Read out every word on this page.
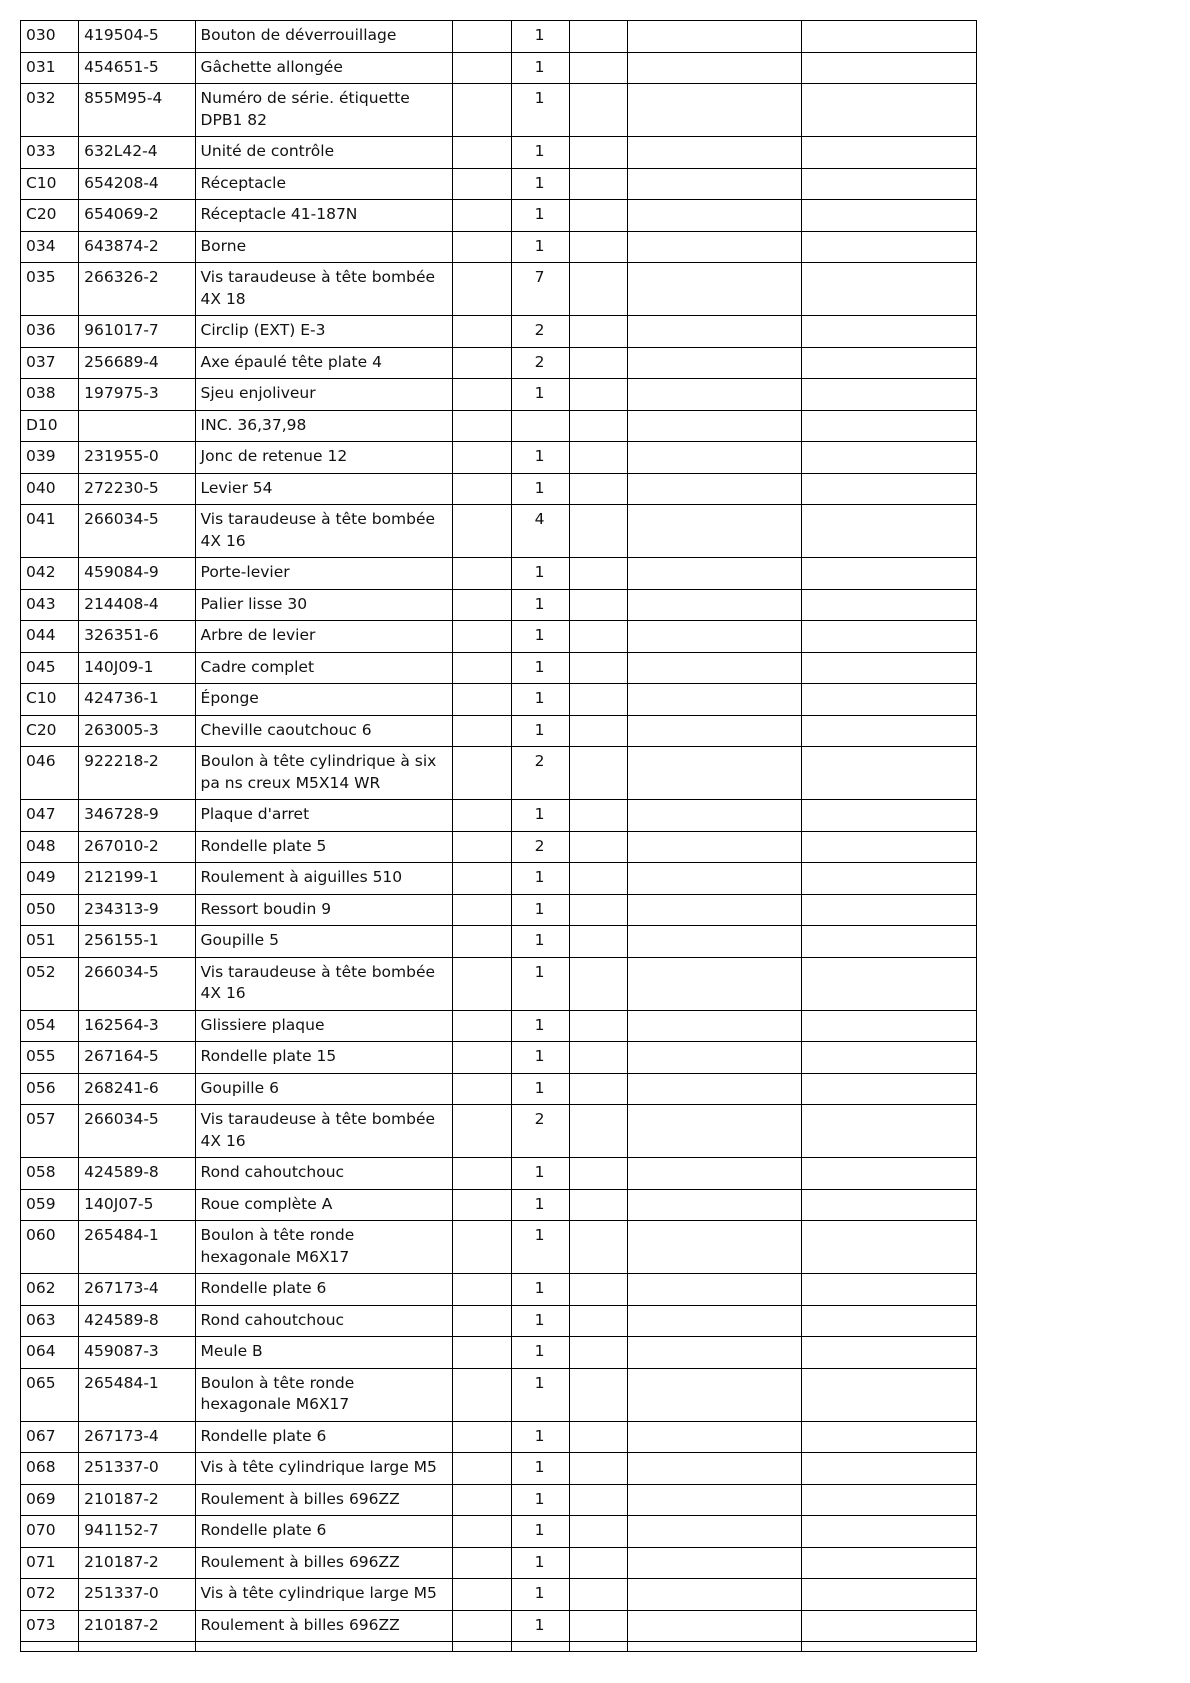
030	419504-5	Bouton de déverrouillage		1			
031	454651-5	Gâchette allongée		1			
032	855M95-4	Numéro de série. étiquette DPB1 82		1			
033	632L42-4	Unité de contrôle		1			
C10	654208-4	Réceptacle		1			
C20	654069-2	Réceptacle 41-187N		1			
034	643874-2	Borne		1			
035	266326-2	Vis taraudeuse à tête bombée 4X 18		7			
036	961017-7	Circlip (EXT) E-3		2			
037	256689-4	Axe épaulé tête plate 4		2			
038	197975-3	Sjeu enjoliveur		1			
D10		INC. 36,37,98					
039	231955-0	Jonc de retenue 12		1			
040	272230-5	Levier 54		1			
041	266034-5	Vis taraudeuse à tête bombée 4X 16		4			
042	459084-9	Porte-levier		1			
043	214408-4	Palier lisse 30		1			
044	326351-6	Arbre de levier		1			
045	140J09-1	Cadre complet		1			
C10	424736-1	Éponge		1			
C20	263005-3	Cheville caoutchouc 6		1			
046	922218-2	Boulon à tête cylindrique à six pa ns creux M5X14 WR		2			
047	346728-9	Plaque d'arret		1			
048	267010-2	Rondelle plate 5		2			
049	212199-1	Roulement à aiguilles 510		1			
050	234313-9	Ressort boudin 9		1			
051	256155-1	Goupille 5		1			
052	266034-5	Vis taraudeuse à tête bombée 4X 16		1			
054	162564-3	Glissiere plaque		1			
055	267164-5	Rondelle plate 15		1			
056	268241-6	Goupille 6		1			
057	266034-5	Vis taraudeuse à tête bombée 4X 16		2			
058	424589-8	Rond cahoutchouc		1			
059	140J07-5	Roue complète A		1			
060	265484-1	Boulon à tête ronde hexagonale M6X17		1			
062	267173-4	Rondelle plate 6		1			
063	424589-8	Rond cahoutchouc		1			
064	459087-3	Meule B		1			
065	265484-1	Boulon à tête ronde hexagonale M6X17		1			
067	267173-4	Rondelle plate 6		1			
068	251337-0	Vis à tête cylindrique large M5		1			
069	210187-2	Roulement à billes 696ZZ		1			
070	941152-7	Rondelle plate 6		1			
071	210187-2	Roulement à billes 696ZZ		1			
072	251337-0	Vis à tête cylindrique large M5		1			
073	210187-2	Roulement à billes 696ZZ		1			
